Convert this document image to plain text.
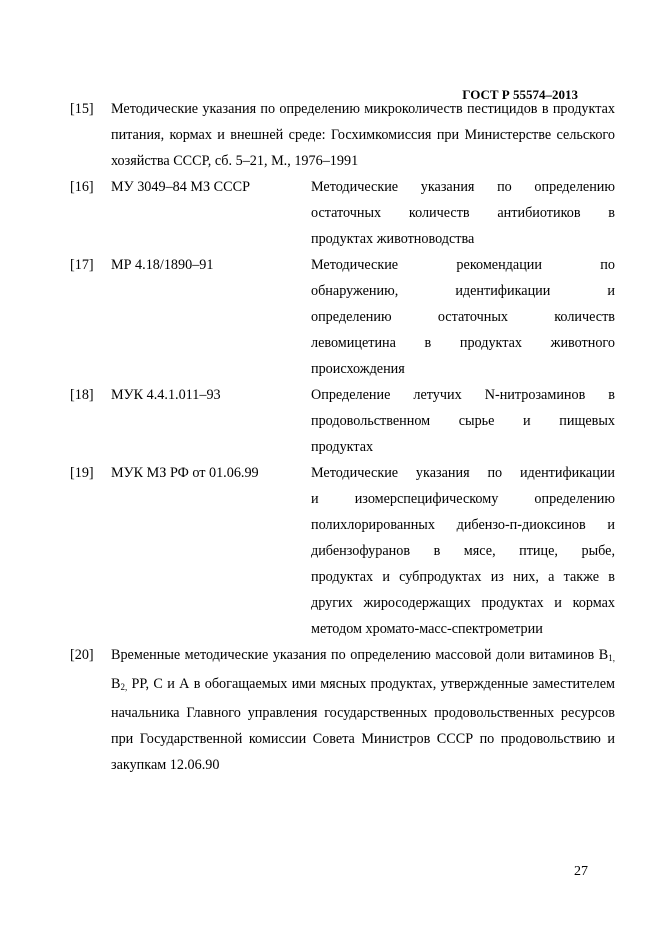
ГОСТ Р 55574–2013
[15]	Методические указания по определению микроколичеств пестицидов в продуктах питания, кормах и внешней среде: Госхимкомиссия при Министерстве сельского хозяйства СССР, сб. 5–21, М., 1976–1991
[16]	МУ 3049–84 МЗ СССР	Методические указания по определению
остаточных количеств антибиотиков в
продуктах животноводства
[17]	МР 4.18/1890–91	Методические рекомендации по
обнаружению, идентификации и
определению остаточных количеств
левомицетина в продуктах животного
происхождения
[18]	МУК 4.4.1.011–93	Определение летучих N-нитрозаминов в
продовольственном сырье и пищевых
продуктах
[19]	МУК МЗ РФ от 01.06.99	Методические указания по идентификации
и изомерспецифическому определению
полихлорированных дибензо-п-диоксинов и
дибензофуранов в мясе, птице, рыбе,
продуктах и субпродуктах из них, а также в
других жиросодержащих продуктах и кормах
методом хромато-масс-спектрометрии
[20]	Временные методические указания по определению массовой доли витаминов $В_{1,}$ $В_{2,}$ РР, С и А в обогащаемых ими мясных продуктах, утвержденные заместителем начальника Главного управления государственных продовольственных ресурсов при Государственной комиссии Совета Министров СССР по продовольствию и закупкам 12.06.90
27
